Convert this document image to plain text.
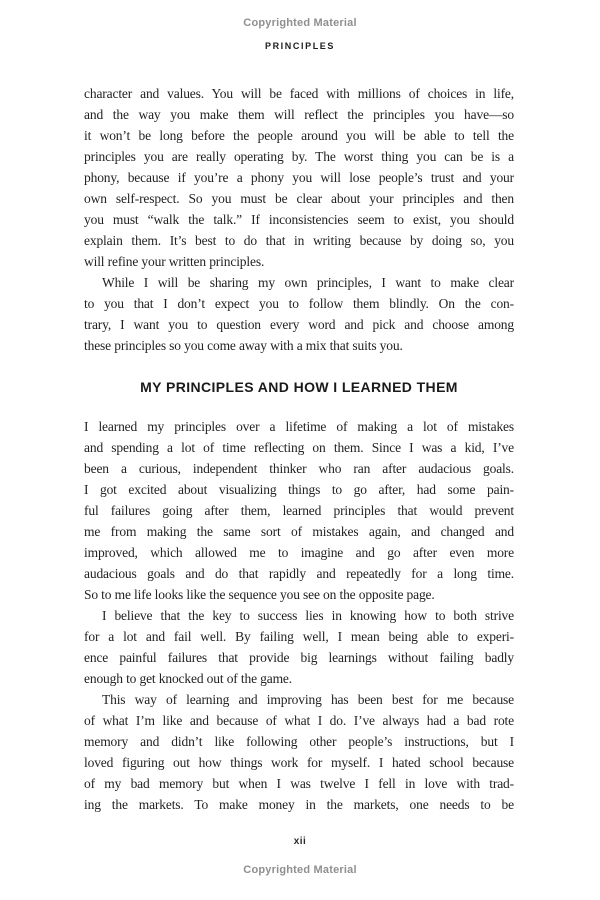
Copyrighted Material
PRINCIPLES
character and values. You will be faced with millions of choices in life,
and the way you make them will reflect the principles you have—so
it won’t be long before the people around you will be able to tell the
principles you are really operating by. The worst thing you can be is a
phony, because if you’re a phony you will lose people’s trust and your
own self-respect. So you must be clear about your principles and then
you must “walk the talk.” If inconsistencies seem to exist, you should
explain them. It’s best to do that in writing because by doing so, you
will refine your written principles.
While I will be sharing my own principles, I want to make clear
to you that I don’t expect you to follow them blindly. On the con-
trary, I want you to question every word and pick and choose among
these principles so you come away with a mix that suits you.
MY PRINCIPLES AND HOW I LEARNED THEM
I learned my principles over a lifetime of making a lot of mistakes
and spending a lot of time reflecting on them. Since I was a kid, I’ve
been a curious, independent thinker who ran after audacious goals.
I got excited about visualizing things to go after, had some pain-
ful failures going after them, learned principles that would prevent
me from making the same sort of mistakes again, and changed and
improved, which allowed me to imagine and go after even more
audacious goals and do that rapidly and repeatedly for a long time.
So to me life looks like the sequence you see on the opposite page.
I believe that the key to success lies in knowing how to both strive
for a lot and fail well. By failing well, I mean being able to experi-
ence painful failures that provide big learnings without failing badly
enough to get knocked out of the game.
This way of learning and improving has been best for me because
of what I’m like and because of what I do. I’ve always had a bad rote
memory and didn’t like following other people’s instructions, but I
loved figuring out how things work for myself. I hated school because
of my bad memory but when I was twelve I fell in love with trad-
ing the markets. To make money in the markets, one needs to be
xii
Copyrighted Material
